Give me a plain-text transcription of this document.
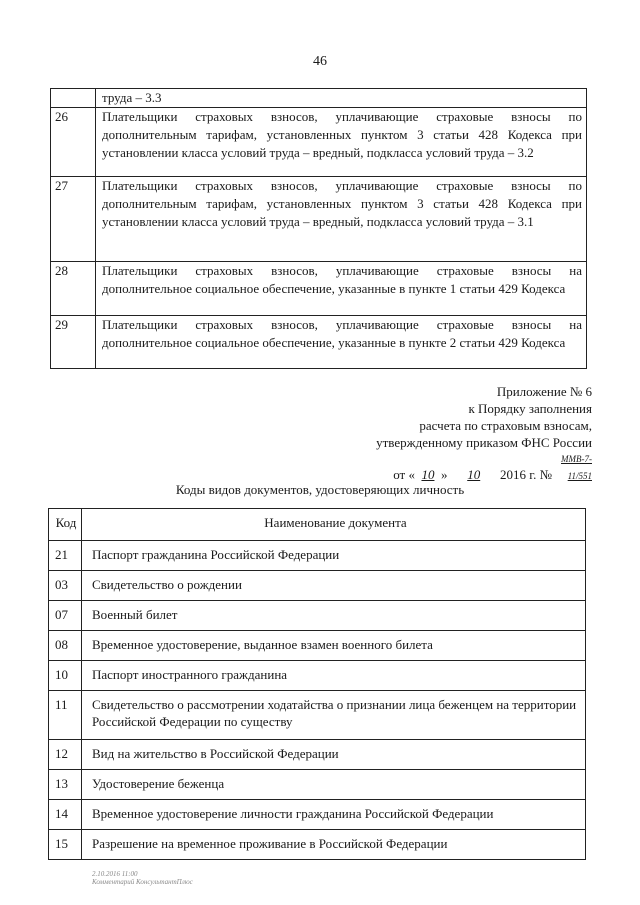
46
	труда – 3.3
26	Плательщики страховых взносов, уплачивающие страховые взносы по дополнительным тарифам, установленных пунктом 3 статьи 428 Кодекса при установлении класса условий труда – вредный, подкласса условий труда – 3.2
27	Плательщики страховых взносов, уплачивающие страховые взносы по дополнительным тарифам, установленных пунктом 3 статьи 428 Кодекса при установлении класса условий труда – вредный, подкласса условий труда – 3.1
28	Плательщики страховых взносов, уплачивающие страховые взносы на дополнительное социальное обеспечение, указанные в пункте 1 статьи 429 Кодекса
29	Плательщики страховых взносов, уплачивающие страховые взносы на дополнительное социальное обеспечение, указанные в пункте 2 статьи 429 Кодекса
Приложение № 6
к Порядку заполнения
расчета по страховым взносам,
утвержденному приказом ФНС России
от « 10 » 10 2016 г. №ММВ-7-11/551
Коды видов документов, удостоверяющих личность
Код	Наименование документа
21	Паспорт гражданина Российской Федерации
03	Свидетельство о рождении
07	Военный билет
08	Временное удостоверение, выданное взамен военного билета
10	Паспорт иностранного гражданина
11	Свидетельство о рассмотрении ходатайства о признании лица беженцем на территории Российской Федерации по существу
12	Вид на жительство в Российской Федерации
13	Удостоверение беженца
14	Временное удостоверение личности гражданина Российской Федерации
15	Разрешение на временное проживание в Российской Федерации
2.10.2016 11:00
Комментарий КонсультантПлюс
